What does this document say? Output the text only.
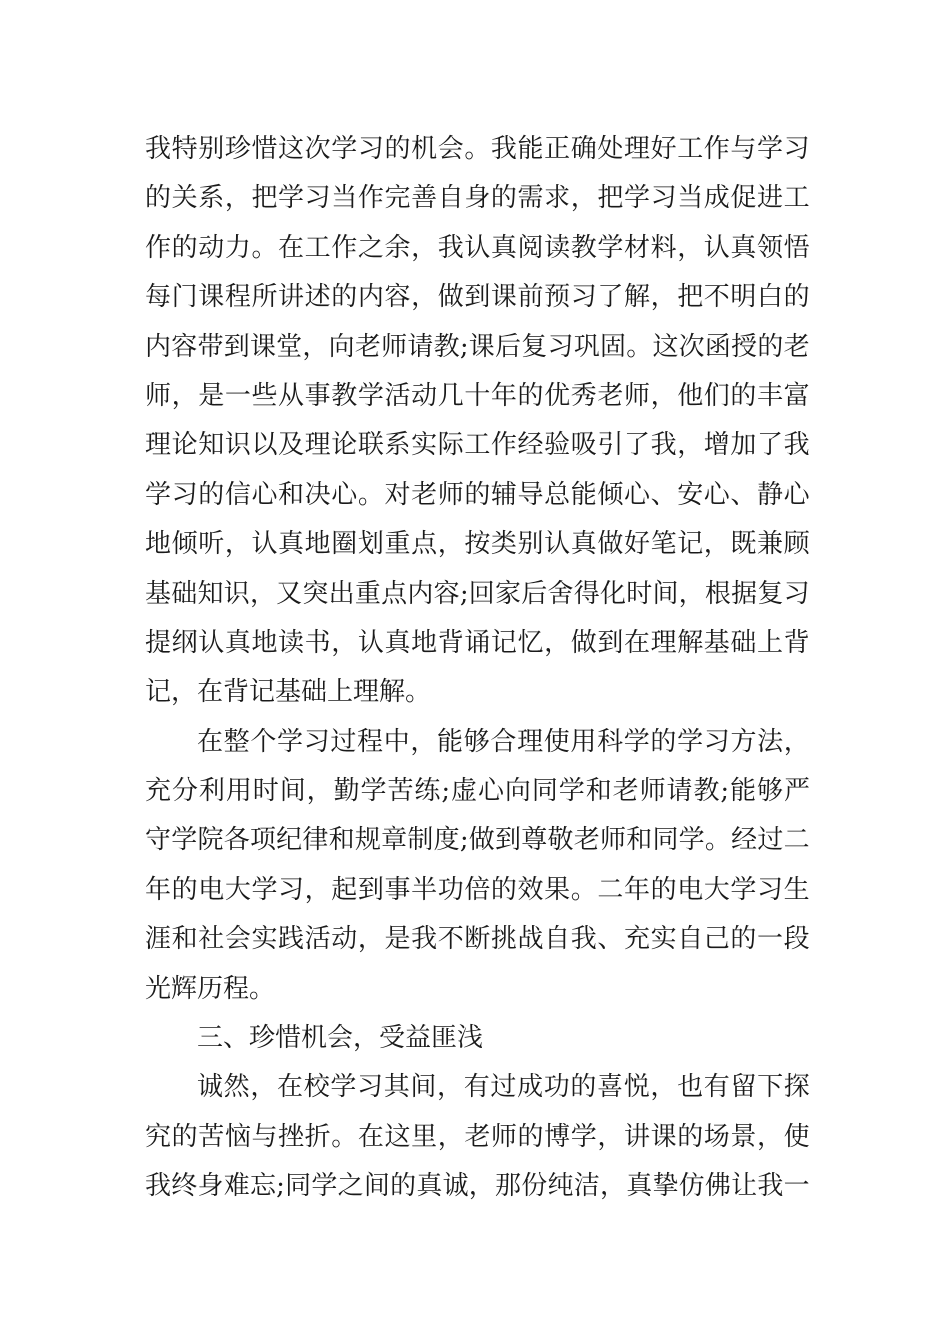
我 特 别 珍 惜 这 次 学 习 的 机 会 。 我 能 正 确 处 理 好 工 作 与 学 习
的 关 系 ， 把 学 习 当 作 完 善 自 身 的 需 求 ， 把 学 习 当 成 促 进 工
作 的 动 力 。 在 工 作 之 余 ， 我 认 真 阅 读 教 学 材 料 ， 认 真 领 悟
每 门 课 程 所 讲 述 的 内 容 ， 做 到 课 前 预 习 了 解 ， 把 不 明 白 的
内 容 带 到 课 堂 ， 向 老 师 请 教 ; 课 后 复 习 巩 固 。 这 次 函 授 的 老
师 ， 是 一 些 从 事 教 学 活 动 几 十 年 的 优 秀 老 师 ， 他 们 的 丰 富
理 论 知 识 以 及 理 论 联 系 实 际 工 作 经 验 吸 引 了 我 ， 增 加 了 我
学 习 的 信 心 和 决 心 。 对 老 师 的 辅 导 总 能 倾 心 、 安 心 、 静 心
地 倾 听 ， 认 真 地 圈 划 重 点 ， 按 类 别 认 真 做 好 笔 记 ， 既 兼 顾
基 础 知 识 ， 又 突 出 重 点 内 容 ; 回 家 后 舍 得 化 时 间 ， 根 据 复 习
提 纲 认 真 地 读 书 ， 认 真 地 背 诵 记 忆 ， 做 到 在 理 解 基 础 上 背
记，在背记基础上理解。
在 整 个 学 习 过 程 中 ， 能 够 合 理 使 用 科 学 的 学 习 方 法 ，
充 分 利 用 时 间 ， 勤 学 苦 练 ; 虚 心 向 同 学 和 老 师 请 教 ; 能 够 严
守 学 院 各 项 纪 律 和 规 章 制 度 ; 做 到 尊 敬 老 师 和 同 学 。 经 过 二
年 的 电 大 学 习 ， 起 到 事 半 功 倍 的 效 果 。 二 年 的 电 大 学 习 生
涯 和 社 会 实 践 活 动 ， 是 我 不 断 挑 战 自 我 、 充 实 自 己 的 一 段
光辉历程。
三、珍惜机会，受益匪浅
诚 然 ， 在 校 学 习 其 间 ， 有 过 成 功 的 喜 悦 ， 也 有 留 下 探
究 的 苦 恼 与 挫 折 。 在 这 里 ， 老 师 的 博 学 ， 讲 课 的 场 景 ， 使
我 终 身 难 忘 ; 同 学 之 间 的 真 诚 ， 那 份 纯 洁 ， 真 挚 仿 佛 让 我 一
